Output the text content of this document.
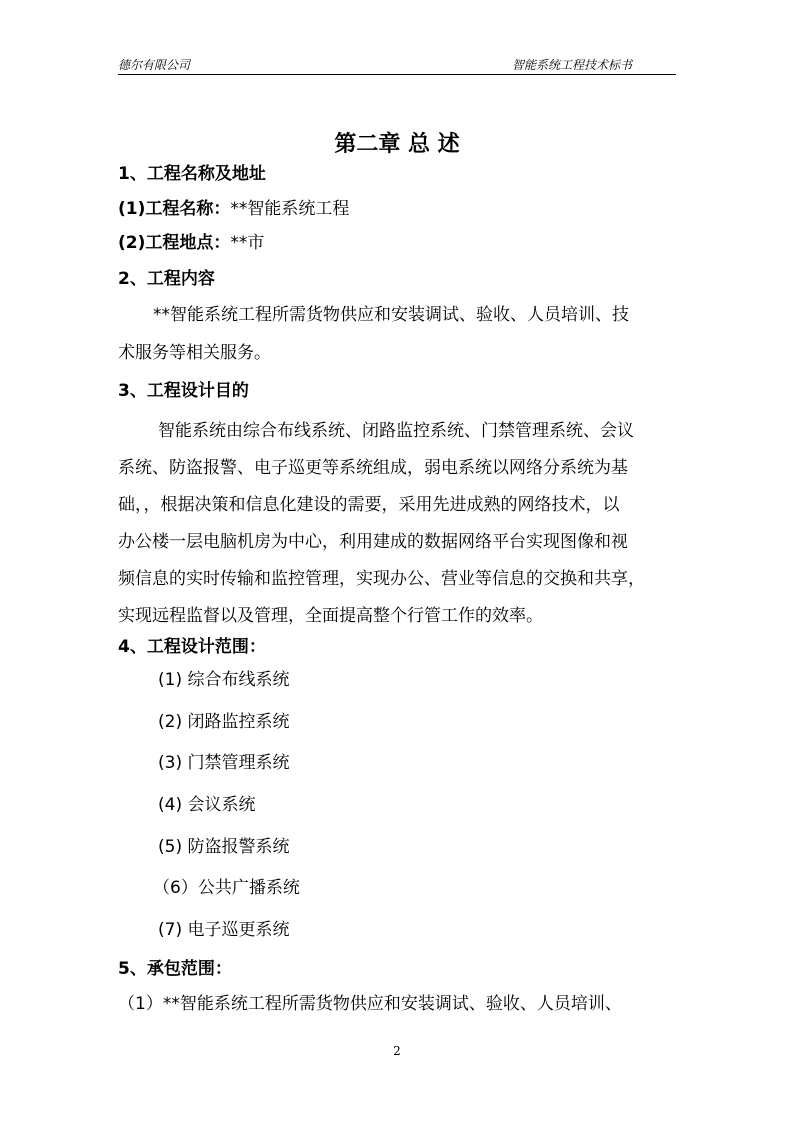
德尔有限公司	智能系统工程技术标书
第二章 总 述
1、工程名称及地址
(1)工程名称：**智能系统工程
(2)工程地点：**市
2、工程内容
**智能系统工程所需货物供应和安装调试、验收、人员培训、技
术服务等相关服务。
3、工程设计目的
智能系统由综合布线系统、闭路监控系统、门禁管理系统、会议
系统、防盗报警、电子巡更等系统组成，弱电系统以网络分系统为基
础，，根据决策和信息化建设的需要，采用先进成熟的网络技术，以
办公楼一层电脑机房为中心，利用建成的数据网络平台实现图像和视
频信息的实时传输和监控管理，实现办公、营业等信息的交换和共享，
实现远程监督以及管理，全面提高整个行管工作的效率。
4、工程设计范围：
(1) 综合布线系统
(2) 闭路监控系统
(3) 门禁管理系统
(4) 会议系统
(5) 防盗报警系统
（6）公共广播系统
(7) 电子巡更系统
5、承包范围：
（1）**智能系统工程所需货物供应和安装调试、验收、人员培训、
2
